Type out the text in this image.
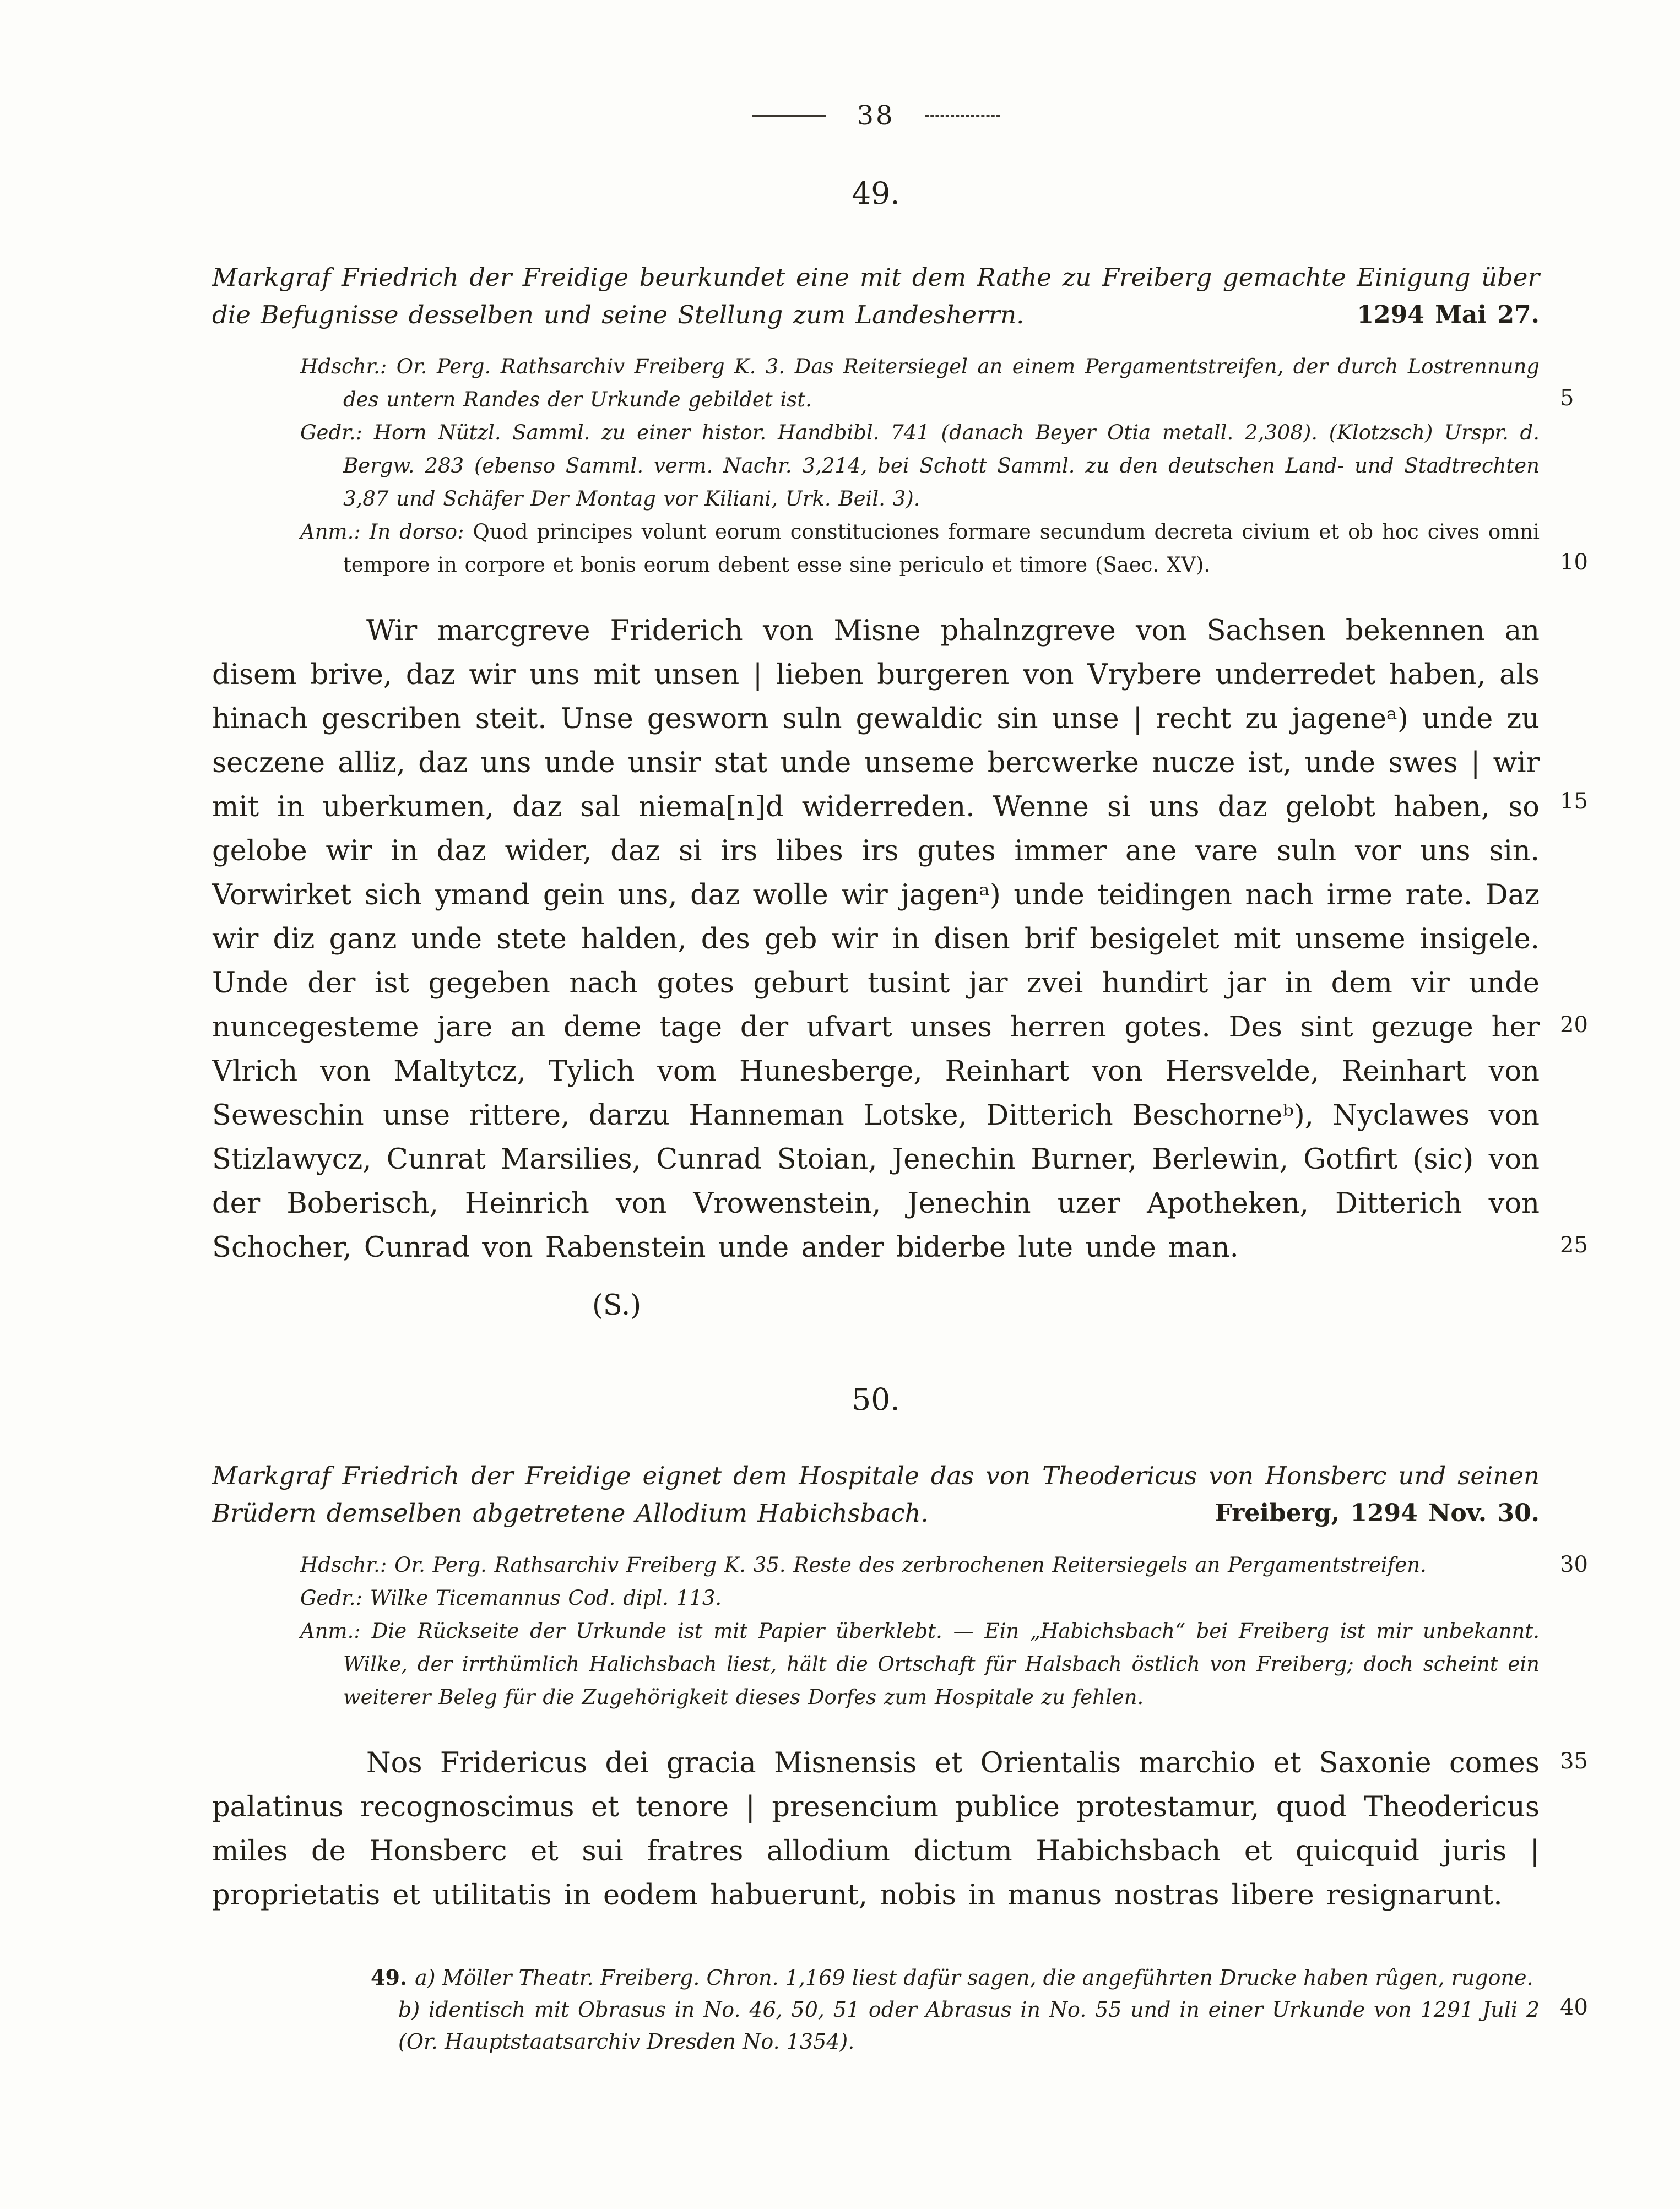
38
49.

Markgraf Friedrich der Freidige beurkundet eine mit dem Rathe zu Freiberg gemachte Einigung über die Befugnisse desselben und seine Stellung zum Landesherrn.	1294 Mai 27.

Hdschr.: Or. Perg. Rathsarchiv Freiberg K. 3. Das Reitersiegel an einem Pergamentstreifen, der durch Lostrennung des untern Randes der Urkunde gebildet ist.

Gedr.: Horn Nützl. Samml. zu einer histor. Handbibl. 741 (danach Beyer Otia metall. 2,308). (Klotzsch) Urspr. d. Bergw. 283 (ebenso Samml. verm. Nachr. 3,214, bei Schott Samml. zu den deutschen Land- und Stadtrechten 3,87 und Schäfer Der Montag vor Kiliani, Urk. Beil. 3).

Anm.: In dorso: Quod principes volunt eorum constituciones formare secundum decreta civium et ob hoc cives omni tempore in corpore et bonis eorum debent esse sine periculo et timore (Saec. XV).

Wir marcgreve Friderich von Misne phalnzgreve von Sachsen bekennen an disem brive, daz wir uns mit unsen | lieben burgeren von Vrybere underredet haben, als hinach gescriben steit. Unse gesworn suln gewaldic sin unse | recht zu jageneᵃ) unde zu seczene alliz, daz uns unde unsir stat unde unseme bercwerke nucze ist, unde swes | wir mit in uberkumen, daz sal niema[n]d widerreden. Wenne si uns daz gelobt haben, so gelobe wir in daz wider, daz si irs libes irs gutes immer ane vare suln vor uns sin. Vorwirket sich ymand gein uns, daz wolle wir jagenᵃ) unde teidingen nach irme rate. Daz wir diz ganz unde stete halden, des geb wir in disen brif besigelet mit unseme insigele. Unde der ist gegeben nach gotes geburt tusint jar zvei hundirt jar in dem vir unde nuncegesteme jare an deme tage der ufvart unses herren gotes. Des sint gezuge her Vlrich von Maltytcz, Tylich vom Hunesberge, Reinhart von Hersvelde, Reinhart von Seweschin unse rittere, darzu Hanneman Lotske, Ditterich Beschorneᵇ), Nyclawes von Stizlawycz, Cunrat Marsilies, Cunrad Stoian, Jenechin Burner, Berlewin, Gotfirt (sic) von der Boberisch, Heinrich von Vrowenstein, Jenechin uzer Apotheken, Ditterich von Schocher, Cunrad von Rabenstein unde ander biderbe lute unde man.

(S.)
50.

Markgraf Friedrich der Freidige eignet dem Hospitale das von Theodericus von Honsberc und seinen Brüdern demselben abgetretene Allodium Habichsbach.	Freiberg, 1294 Nov. 30.

Hdschr.: Or. Perg. Rathsarchiv Freiberg K. 35. Reste des zerbrochenen Reitersiegels an Pergamentstreifen.

Gedr.: Wilke Ticemannus Cod. dipl. 113.

Anm.: Die Rückseite der Urkunde ist mit Papier überklebt. — Ein „Habichsbach“ bei Freiberg ist mir unbekannt. Wilke, der irrthümlich Halichsbach liest, hält die Ortschaft für Halsbach östlich von Freiberg; doch scheint ein weiterer Beleg für die Zugehörigkeit dieses Dorfes zum Hospitale zu fehlen.

Nos Fridericus dei gracia Misnensis et Orientalis marchio et Saxonie comes palatinus recognoscimus et tenore | presencium publice protestamur, quod Theodericus miles de Honsberc et sui fratres allodium dictum Habichsbach et quicquid juris | proprietatis et utilitatis in eodem habuerunt, nobis in manus nostras libere resignarunt.

49. a) Möller Theatr. Freiberg. Chron. 1,169 liest dafür sagen, die angeführten Drucke haben rûgen, rugone.

b) identisch mit Obrasus in No. 46, 50, 51 oder Abrasus in No. 55 und in einer Urkunde von 1291 Juli 2 (Or. Hauptstaatsarchiv Dresden No. 1354).

5
10
15
20
25
30
35
40
